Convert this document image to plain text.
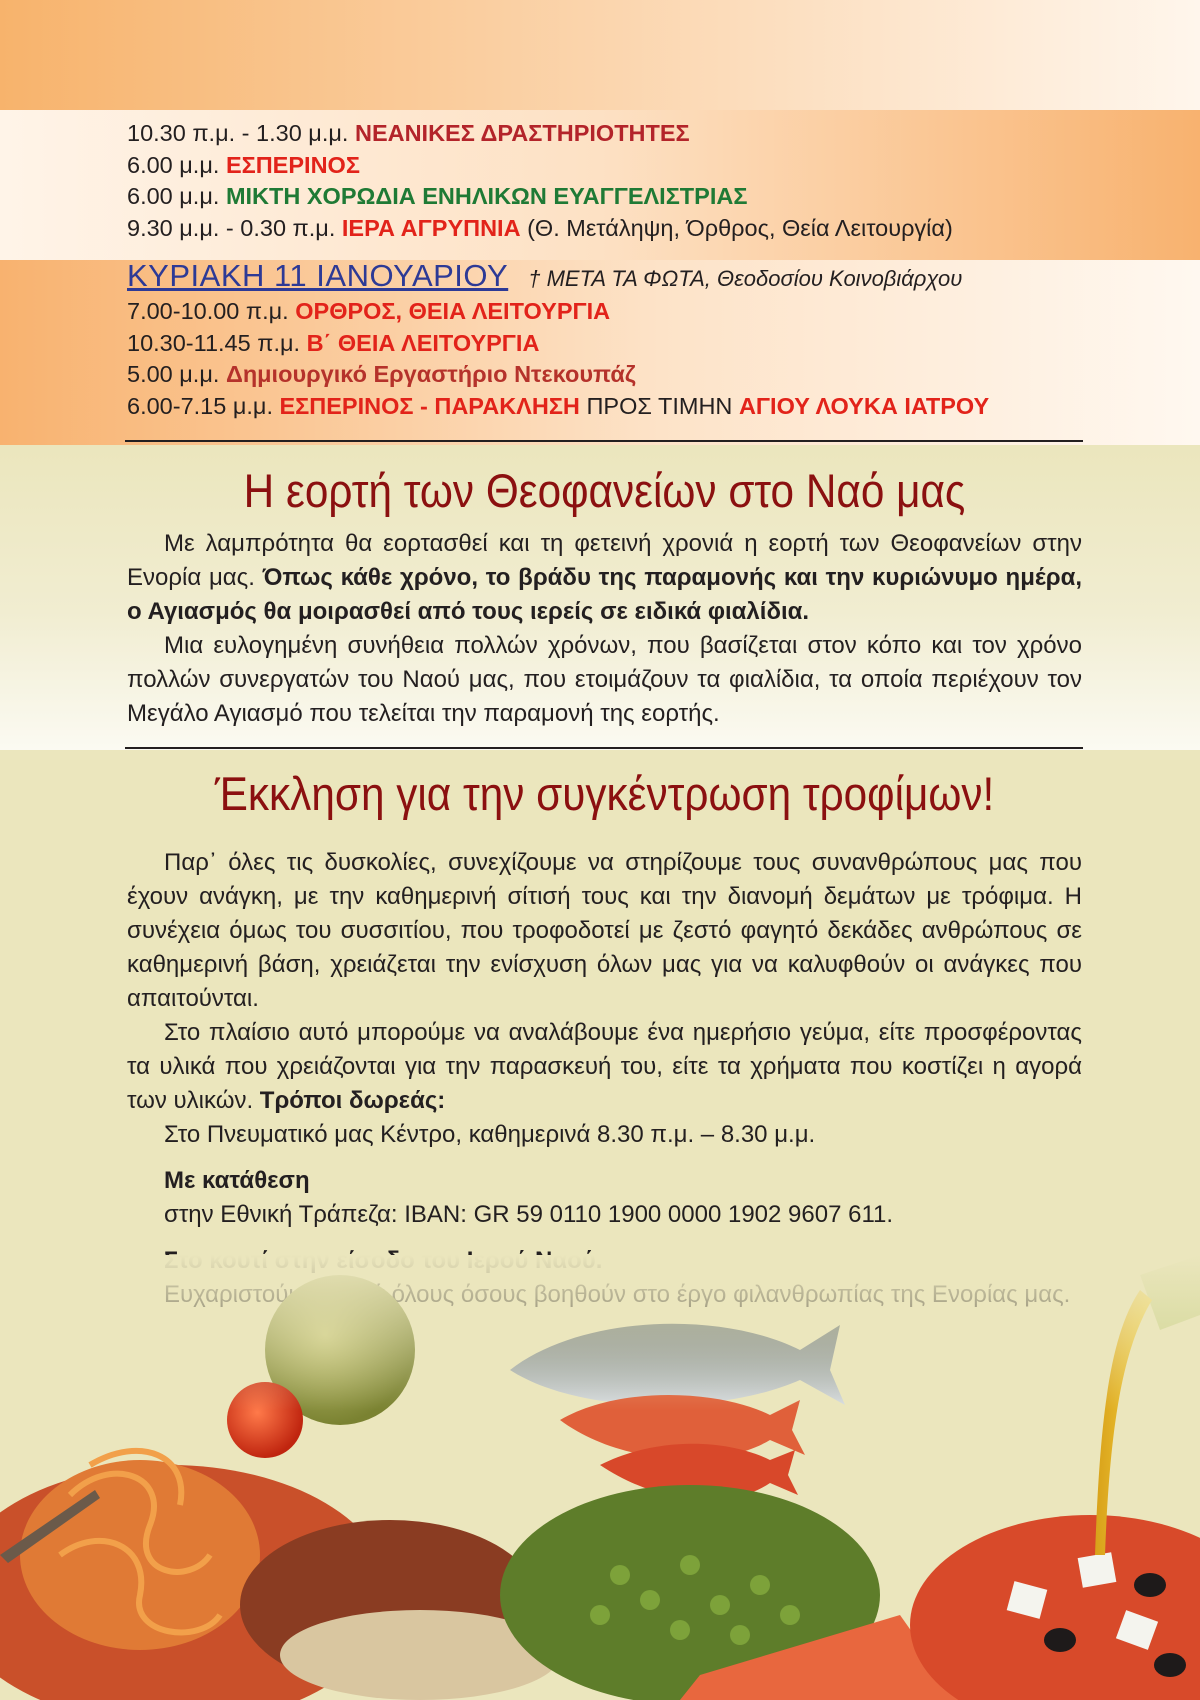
10.30 π.μ. - 1.30 μ.μ. ΝΕΑΝΙΚΕΣ ΔΡΑΣΤΗΡΙΟΤΗΤΕΣ
6.00 μ.μ. ΕΣΠΕΡΙΝΟΣ
6.00 μ.μ. ΜΙΚΤΗ ΧΟΡΩΔΙΑ ΕΝΗΛΙΚΩΝ ΕΥΑΓΓΕΛΙΣΤΡΙΑΣ
9.30 μ.μ. - 0.30 π.μ. ΙΕΡΑ ΑΓΡΥΠΝΙΑ (Θ. Μετάληψη, Όρθρος, Θεία Λειτουργία)
ΚΥΡΙΑΚΗ 11 ΙΑΝΟΥΑΡΙΟΥ † ΜΕΤΑ ΤΑ ΦΩΤΑ, Θεοδοσίου Κοινοβιάρχου
7.00-10.00 π.μ. ΟΡΘΡΟΣ, ΘΕΙΑ ΛΕΙΤΟΥΡΓΙΑ
10.30-11.45 π.μ. Β΄ ΘΕΙΑ ΛΕΙΤΟΥΡΓΙΑ
5.00 μ.μ. Δημιουργικό Εργαστήριο Ντεκουπάζ
6.00-7.15 μ.μ. ΕΣΠΕΡΙΝΟΣ - ΠΑΡΑΚΛΗΣΗ ΠΡΟΣ ΤΙΜΗΝ ΑΓΙΟΥ ΛΟΥΚΑ ΙΑΤΡΟΥ
Η εορτή των Θεοφανείων στο Ναό μας

Με λαμπρότητα θα εορτασθεί και τη φετεινή χρονιά η εορτή των Θεοφανείων στην Ενορία μας. Όπως κάθε χρόνο, το βράδυ της παραμονής και την κυριώνυμο ημέρα, ο Αγιασμός θα μοιρασθεί από τους ιερείς σε ειδικά φιαλίδια.

Μια ευλογημένη συνήθεια πολλών χρόνων, που βασίζεται στον κόπο και τον χρόνο πολλών συνεργατών του Ναού μας, που ετοιμάζουν τα φιαλίδια, τα οποία περιέχουν τον Μεγάλο Αγιασμό που τελείται την παραμονή της εορτής.

Έκκληση για την συγκέντρωση τροφίμων!

Παρ᾽ όλες τις δυσκολίες, συνεχίζουμε να στηρίζουμε τους συνανθρώπους μας που έχουν ανάγκη, με την καθημερινή σίτισή τους και την διανομή δεμάτων με τρόφιμα. Η συνέχεια όμως του συσσιτίου, που τροφοδοτεί με ζεστό φαγητό δεκάδες ανθρώπους σε καθημερινή βάση, χρειάζεται την ενίσχυση όλων μας για να καλυφθούν οι ανάγκες που απαιτούνται.

Στο πλαίσιο αυτό μπορούμε να αναλάβουμε ένα ημερήσιο γεύμα, είτε προσφέροντας τα υλικά που χρειάζονται για την παρασκευή του, είτε τα χρήματα που κοστίζει η αγορά των υλικών. Τρόποι δωρεάς:

Στο Πνευματικό μας Κέντρο, καθημερινά 8.30 π.μ. – 8.30 μ.μ.

Με κατάθεση

στην Εθνική Τράπεζα: IBAN: GR 59 0110 1900 0000 1902 9607 611.
